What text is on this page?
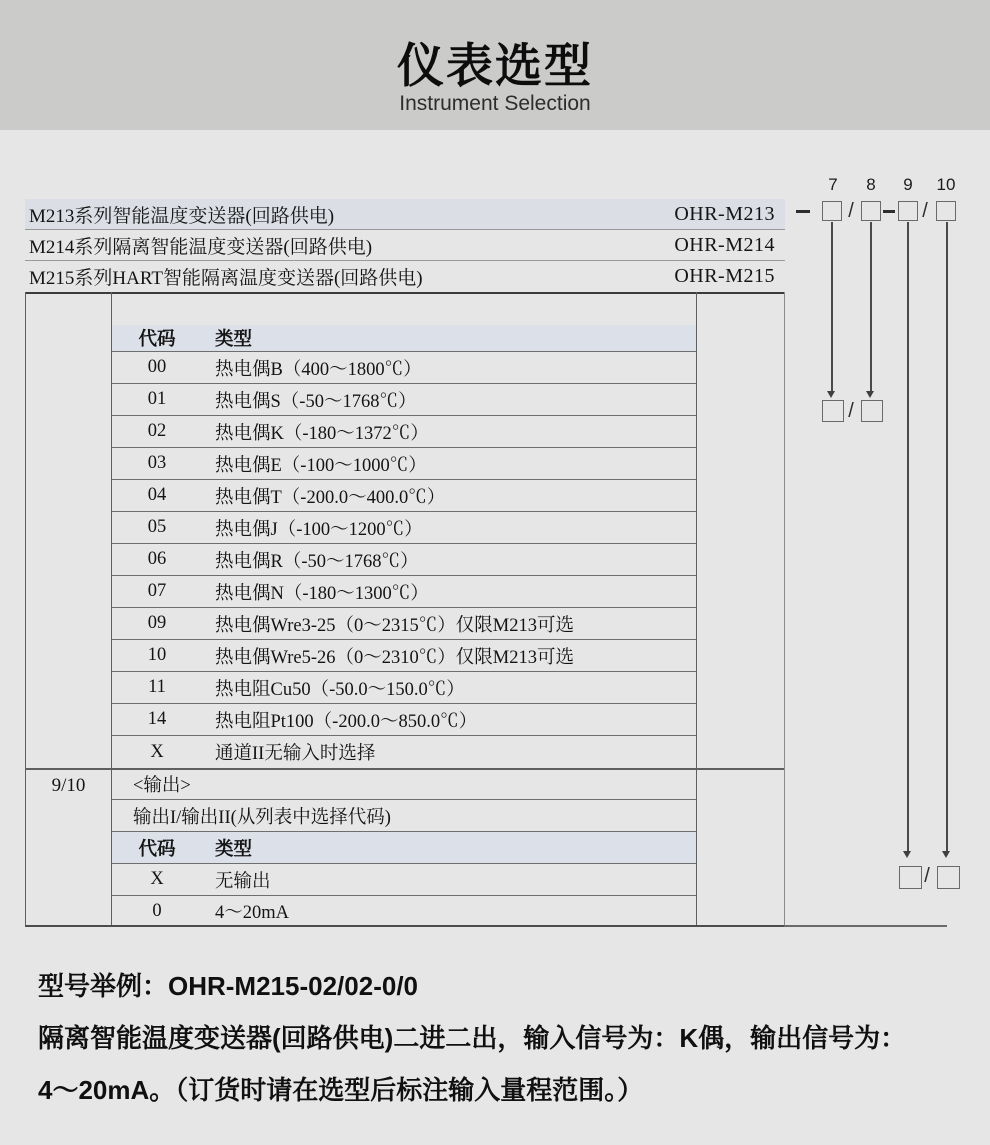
仪表选型

Instrument Selection

M213系列智能温度变送器(回路供电)	OHR-M213
M214系列隔离智能温度变送器(回路供电)	OHR-M214
M215系列HART智能隔离温度变送器(回路供电)	OHR-M215
9/10
代码	类型
00	热电偶B（400～1800℃）
01	热电偶S（-50～1768℃）
02	热电偶K（-180～1372℃）
03	热电偶E（-100～1000℃）
04	热电偶T（-200.0～400.0℃）
05	热电偶J（-100～1200℃）
06	热电偶R（-50～1768℃）
07	热电偶N（-180～1300℃）
09	热电偶Wre3-25（0～2315℃）仅限M213可选
10	热电偶Wre5-26（0～2310℃）仅限M213可选
11	热电阻Cu50（-50.0～150.0℃）
14	热电阻Pt100（-200.0～850.0℃）
X	通道II无输入时选择
<输出>
输出I/输出II(从列表中选择代码)
代码	类型
X	无输出
0	4～20mA
7	8	9	10
/	/
/
/

型号举例：OHR-M215-02/02-0/0

隔离智能温度变送器(回路供电)二进二出，输入信号为：K偶，输出信号为：

4～20mA。（订货时请在选型后标注输入量程范围。）
